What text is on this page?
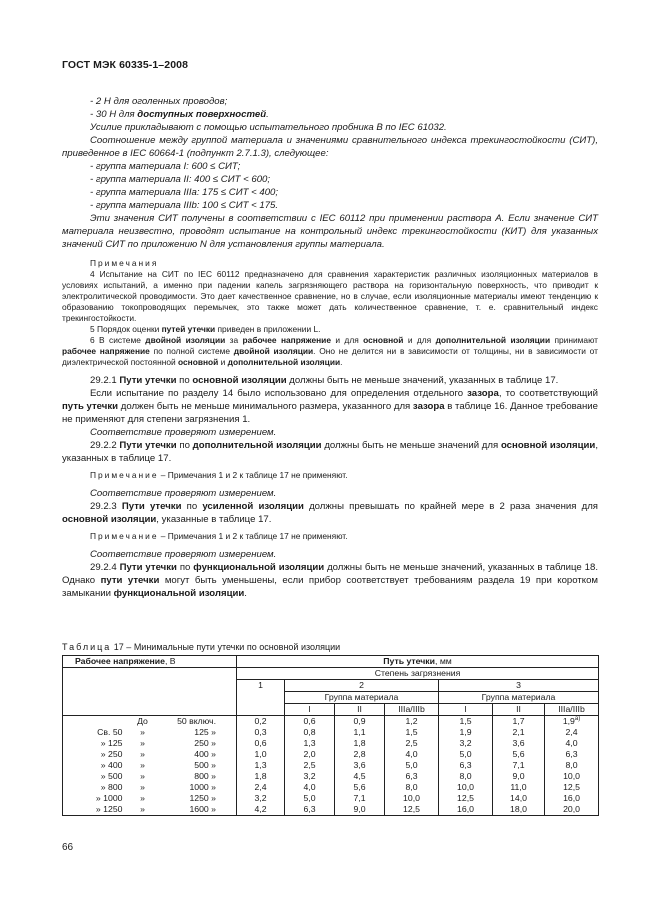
ГОСТ МЭК 60335-1–2008

- 2 Н для оголенных проводов;

- 30 Н для доступных поверхностей.

Усилие прикладывают с помощью испытательного пробника В по IEC 61032.

Соотношение между группой материала и значениями сравнительного индекса трекингостойкости (СИТ), приведенное в IEC 60664-1 (подпункт 2.7.1.3), следующее:

- группа материала I: 600 ≤ СИТ;

- группа материала II: 400 ≤ СИТ < 600;

- группа материала IIIa: 175 ≤ СИТ < 400;

- группа материала IIIb: 100 ≤ СИТ < 175.

Эти значения СИТ получены в соответствии с IEC 60112 при применении раствора А. Если значение СИТ материала неизвестно, проводят испытание на контрольный индекс трекингостойкости (КИТ) для указанных значений СИТ по приложению N для установления группы материала.

Примечания

4 Испытание на СИТ по IEC 60112 предназначено для сравнения характеристик различных изоляционных материалов в условиях испытаний, а именно при падении капель загрязняющего раствора на горизонтальную поверхность, что приводит к электролитической проводимости. Это дает качественное сравнение, но в случае, если изоляционные материалы имеют тенденцию к образованию токопроводящих перемычек, это также может дать количественное сравнение, т. е. сравнительный индекс трекингостойкости.

5 Порядок оценки путей утечки приведен в приложении L.

6 В системе двойной изоляции за рабочее напряжение и для основной и для дополнительной изоляции принимают рабочее напряжение по полной системе двойной изоляции. Оно не делится ни в зависимости от толщины, ни в зависимости от диэлектрической постоянной основной и дополнительной изоляции.

29.2.1 Пути утечки по основной изоляции должны быть не меньше значений, указанных в таблице 17.

Если испытание по разделу 14 было использовано для определения отдельного зазора, то соответствующий путь утечки должен быть не меньше минимального размера, указанного для зазора в таблице 16. Данное требование не применяют для степени загрязнения 1.

Соответствие проверяют измерением.

29.2.2 Пути утечки по дополнительной изоляции должны быть не меньше значений для основной изоляции, указанных в таблице 17.

Примечание – Примечания 1 и 2 к таблице 17 не применяют.

Соответствие проверяют измерением.

29.2.3 Пути утечки по усиленной изоляции должны превышать по крайней мере в 2 раза значения для основной изоляции, указанные в таблице 17.

Примечание – Примечания 1 и 2 к таблице 17 не применяют.

Соответствие проверяют измерением.

29.2.4 Пути утечки по функциональной изоляции должны быть не меньше значений, указанных в таблице 18. Однако пути утечки могут быть уменьшены, если прибор соответствует требованиям раздела 19 при коротком замыкании функциональной изоляции.

Таблица 17 – Минимальные пути утечки по основной изоляции
Рабочее напряжение, В			Путь утечки, мм						
			Степень загрязнения						
			1	2			3		
				Группа материала			Группа материала		
				I	II	IIIa/IIIb	I	II	IIIa/IIIb
	До	50 включ.	0,2	0,6	0,9	1,2	1,5	1,7	1,9$^{a)}$
Св. 50	»	125 »	0,3	0,8	1,1	1,5	1,9	2,1	2,4
» 125	»	250 »	0,6	1,3	1,8	2,5	3,2	3,6	4,0
» 250	»	400 »	1,0	2,0	2,8	4,0	5,0	5,6	6,3
» 400	»	500 »	1,3	2,5	3,6	5,0	6,3	7,1	8,0
» 500	»	800 »	1,8	3,2	4,5	6,3	8,0	9,0	10,0
» 800	»	1000 »	2,4	4,0	5,6	8,0	10,0	11,0	12,5
» 1000	»	1250 »	3,2	5,0	7,1	10,0	12,5	14,0	16,0
» 1250	»	1600 »	4,2	6,3	9,0	12,5	16,0	18,0	20,0
66
